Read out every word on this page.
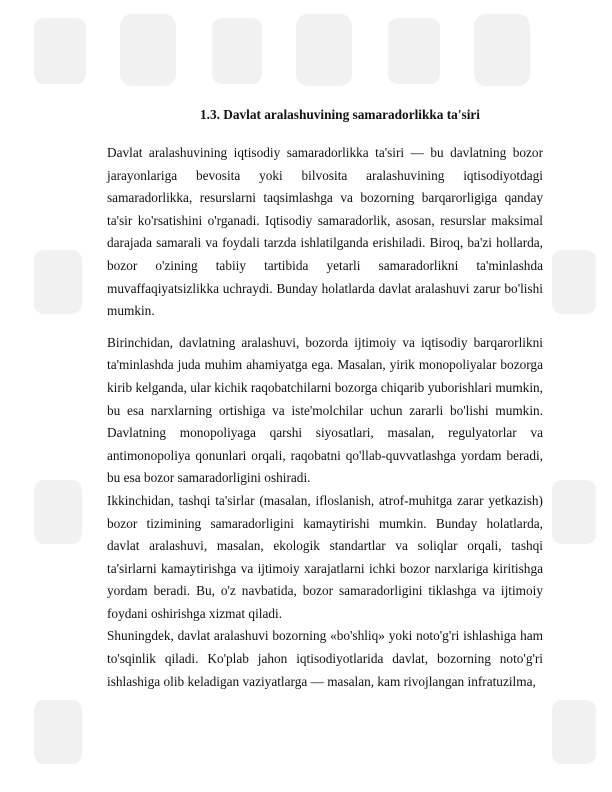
1.3. Davlat aralashuvining samaradorlikka ta'siri

Davlat aralashuvining iqtisodiy samaradorlikka ta'siri — bu davlatning bozor jarayonlariga bevosita yoki bilvosita aralashuvining iqtisodiyotdagi samaradorlikka, resurslarni taqsimlashga va bozorning barqarorligiga qanday ta'sir ko'rsatishini o'rganadi. Iqtisodiy samaradorlik, asosan, resurslar maksimal darajada samarali va foydali tarzda ishlatilganda erishiladi. Biroq, ba'zi hollarda, bozor o'zining tabiiy tartibida yetarli samaradorlikni ta'minlashda muvaffaqiyatsizlikka uchraydi. Bunday holatlarda davlat aralashuvi zarur bo'lishi mumkin.

Birinchidan, davlatning aralashuvi, bozorda ijtimoiy va iqtisodiy barqarorlikni ta'minlashda juda muhim ahamiyatga ega. Masalan, yirik monopoliyalar bozorga kirib kelganda, ular kichik raqobatchilarni bozorga chiqarib yuborishlari mumkin, bu esa narxlarning ortishiga va iste'molchilar uchun zararli bo'lishi mumkin. Davlatning monopoliyaga qarshi siyosatlari, masalan, regulyatorlar va antimonopoliya qonunlari orqali, raqobatni qo'llab-quvvatlashga yordam beradi, bu esa bozor samaradorligini oshiradi.

Ikkinchidan, tashqi ta'sirlar (masalan, ifloslanish, atrof-muhitga zarar yetkazish) bozor tizimining samaradorligini kamaytirishi mumkin. Bunday holatlarda, davlat aralashuvi, masalan, ekologik standartlar va soliqlar orqali, tashqi ta'sirlarni kamaytirishga va ijtimoiy xarajatlarni ichki bozor narxlariga kiritishga yordam beradi. Bu, o'z navbatida, bozor samaradorligini tiklashga va ijtimoiy foydani oshirishga xizmat qiladi.

Shuningdek, davlat aralashuvi bozorning «bo'shliq» yoki noto'g'ri ishlashiga ham to'sqinlik qiladi. Ko'plab jahon iqtisodiyotlarida davlat, bozorning noto'g'ri ishlashiga olib keladigan vaziyatlarga — masalan, kam rivojlangan infratuzilma,
